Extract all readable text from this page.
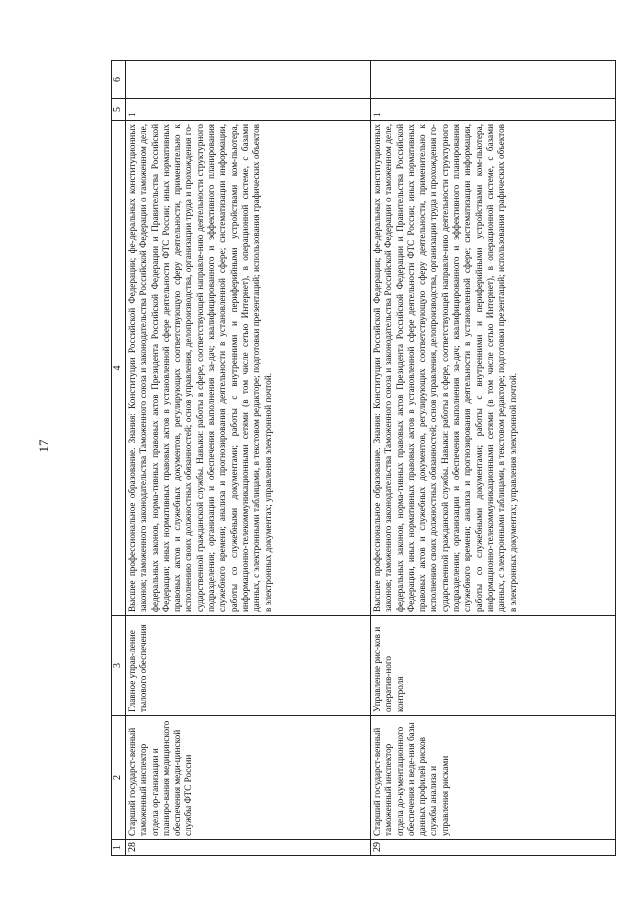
17
1	2	3	4	5	6
28	Старший государст-венный таможенный инспектор отдела ор-ганизации и планиро-вания медицинского обеспечения меди-цинской службы ФТС России	Главное управ-ление тылового обеспечения	Высшее профессиональное образование. Знания: Конституции Российской Федерации; фе-деральных конституционных законов; таможенного законодательства Таможенного союза и законодательства Российской Федерации о таможенном деле, федеральных законов, норма-тивных правовых актов Президента Российской Федерации и Правительства Российской Федерации; иных нормативных правовых актов в установленной сфере деятельности ФТС России; иных нормативных правовых актов и служебных документов, регулирующих соответствующую сферу деятельности, применительно к исполнению своих должностных обязанностей; основ управления, делопроизводства, организации труда и прохождения го-сударственной гражданской службы. Навыки: работы в сфере, соответствующей направле-нию деятельности структурного подразделения; организации и обеспечения выполнения за-дач; квалифицированного и эффективного планирования служебного времени; анализа и прогнозирования деятельности в установленной сфере; систематизации информации, работы со служебными документами; работы с внутренними и периферийными устройствами ком-пьютера, информационно-телекоммуникационными сетями (в том числе сетью Интернет), в операционной системе, с базами данных, с электронными таблицами, в текстовом редакторе; подготовки презентаций; использования графических объектов в электронных документах; управления электронной почтой.	1	
29	Старший государст-венный таможенный инспектор отдела до-кументационного обеспечения и веде-ния базы данных профилей рисков службы анализа и управления рисками	Управление рис-ков и оператив-ного контроля	Высшее профессиональное образование. Знания: Конституции Российской Федерации; фе-деральных конституционных законов; таможенного законодательства Таможенного союза и законодательства Российской Федерации о таможенном деле, федеральных законов, норма-тивных правовых актов Президента Российской Федерации и Правительства Российской Федерации, иных нормативных правовых актов в установленной сфере деятельности ФТС России; иных нормативных правовых актов и служебных документов, регулирующих соответствующую сферу деятельности, применительно к исполнению своих должностных обязанностей; основ управления, делопроизводства, организации труда и прохождения го-сударственной гражданской службы. Навыки: работы в сфере, соответствующей направле-нию деятельности структурного подразделения; организации и обеспечения выполнения за-дач; квалифицированного и эффективного планирования служебного времени; анализа и прогнозирования деятельности в установленной сфере; систематизации информации, работы со служебными документами; работы с внутренними и периферийными устройствами ком-пьютера, информационно-телекоммуникационными сетями (в том числе сетью Интернет), в операционной системе, с базами данных, с электронными таблицами, в текстовом редакторе; подготовки презентаций; использования графических объектов в электронных документах; управления электронной почтой.	1	
